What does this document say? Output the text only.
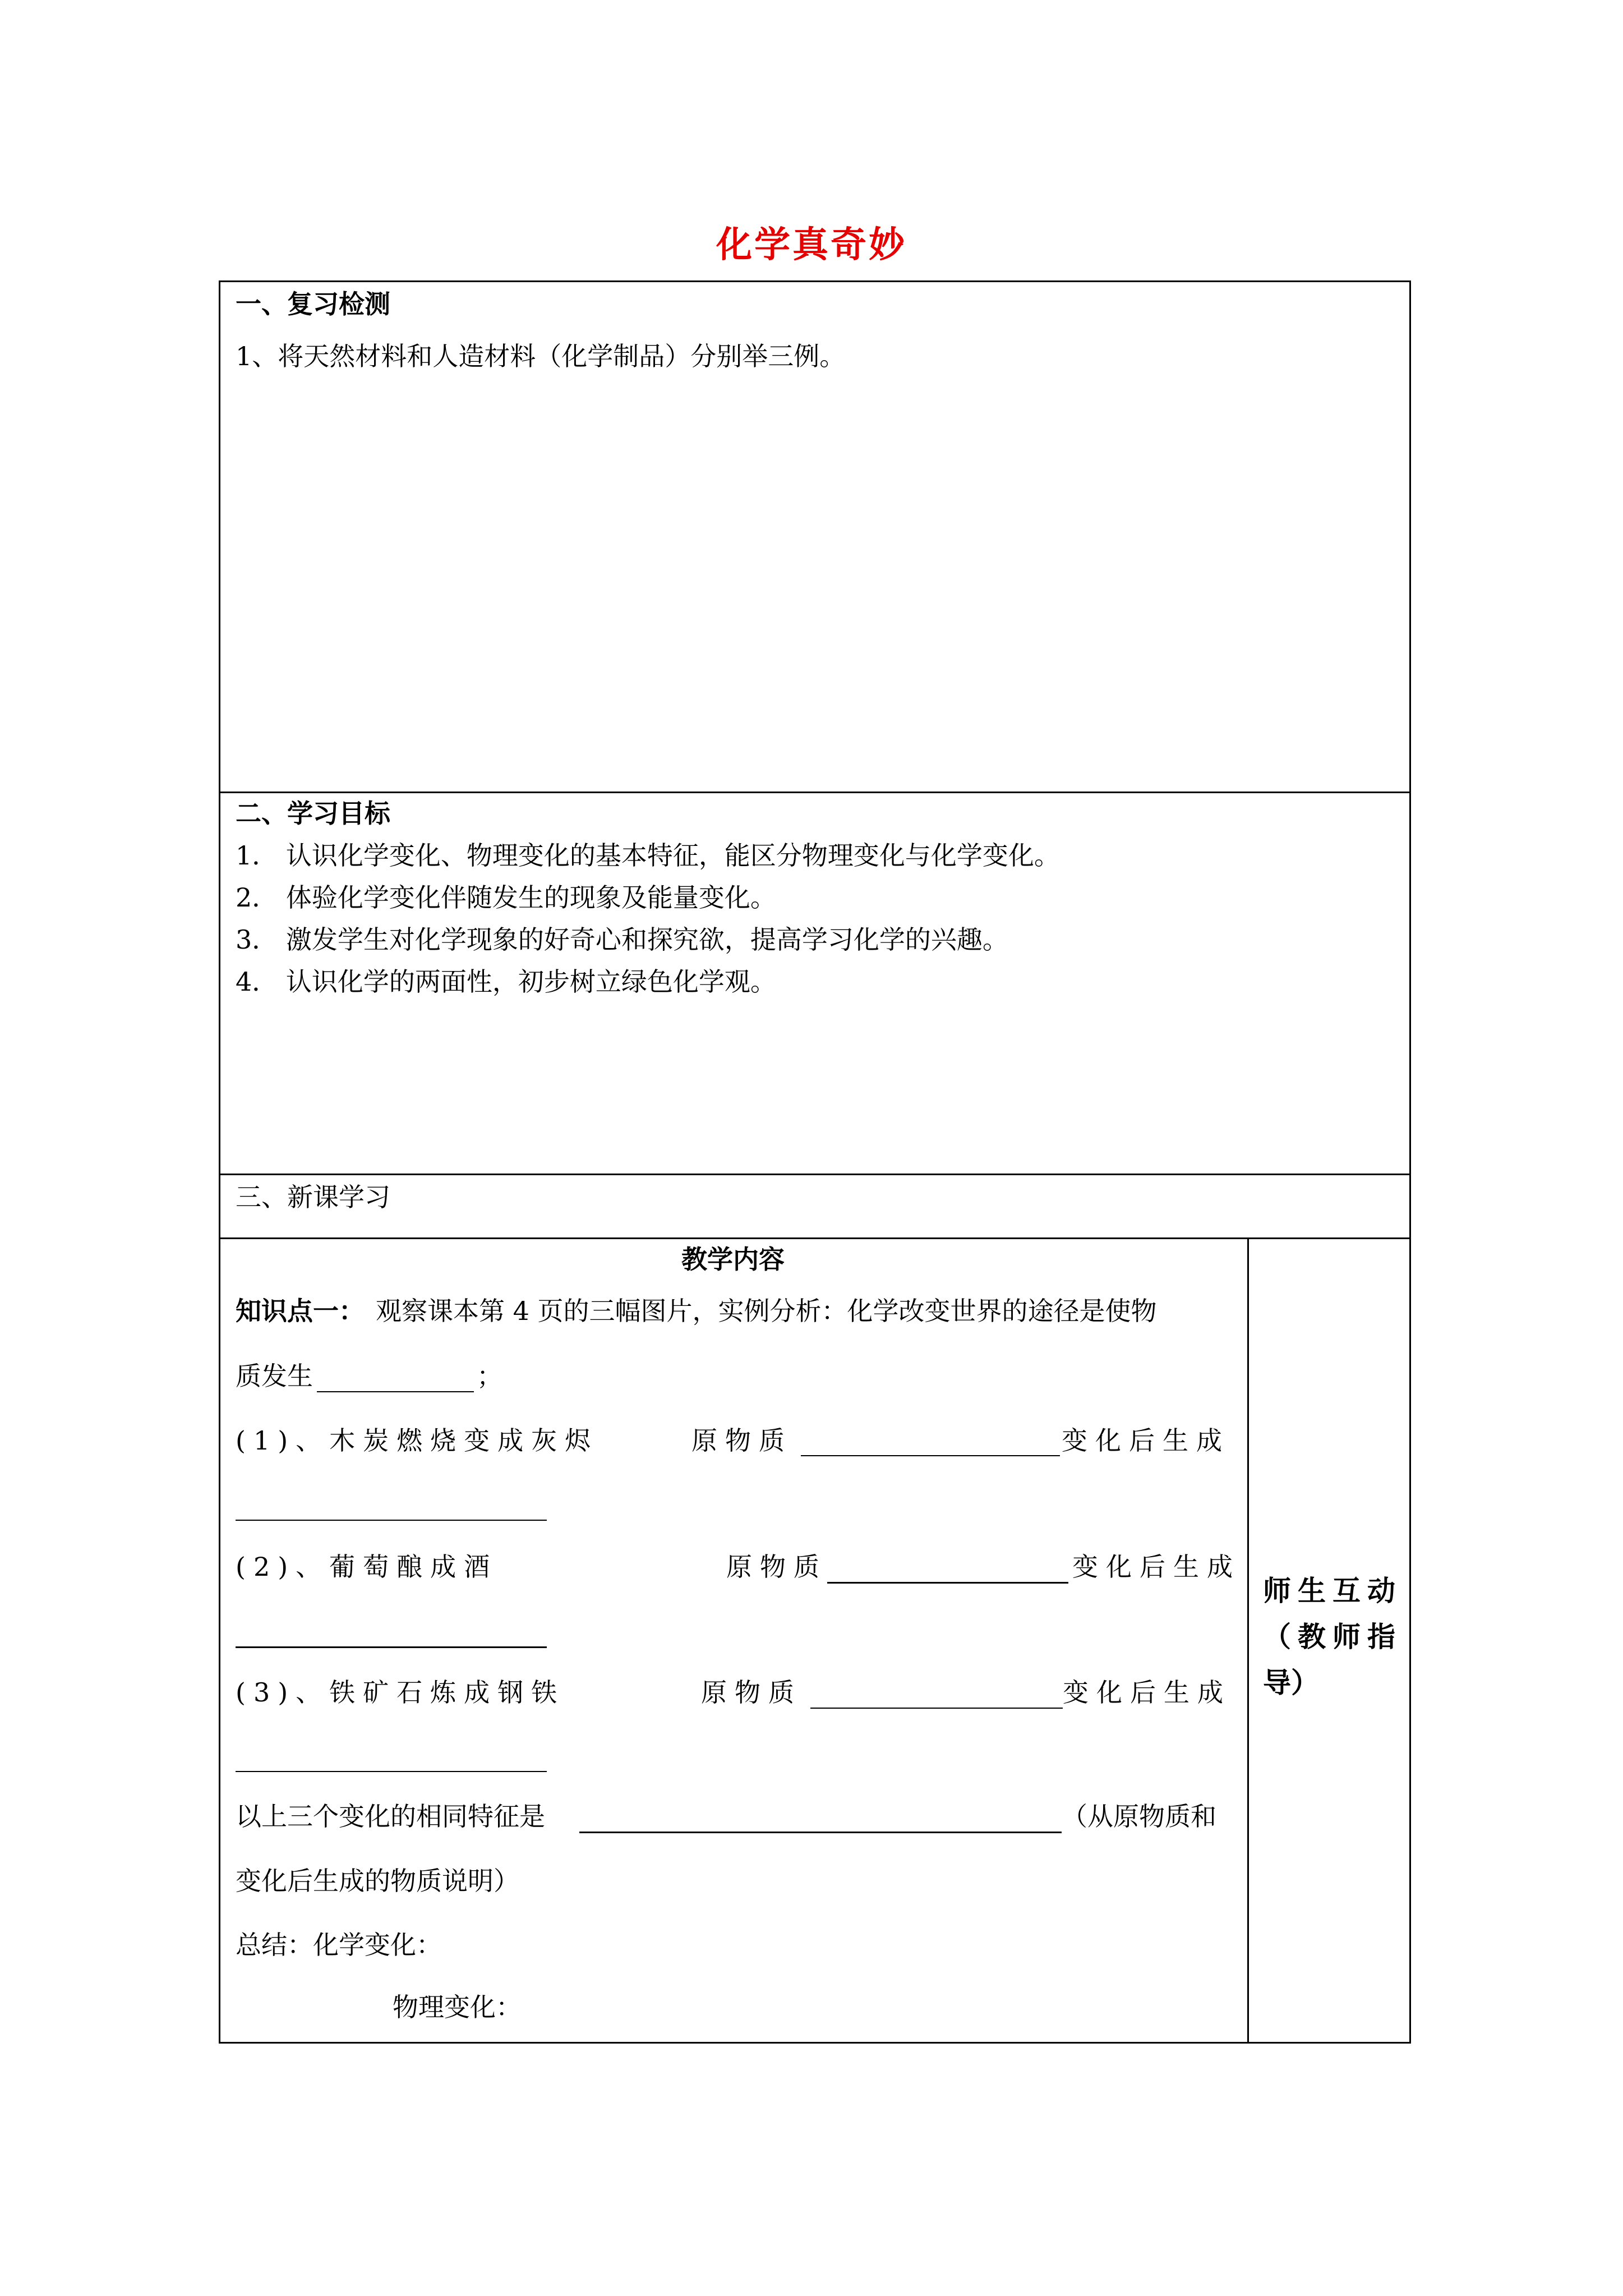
化学真奇妙
一、复习检测
1、将天然材料和人造材料（化学制品）分别举三例。
二、学习目标
1． 认识化学变化、物理变化的基本特征，能区分物理变化与化学变化。
2． 体验化学变化伴随发生的现象及能量变化。
3． 激发学生对化学现象的好奇心和探究欲，提高学习化学的兴趣。
4． 认识化学的两面性，初步树立绿色化学观。
三、新课学习
教学内容
知识点一： 观察课本第 4 页的三幅图片，实例分析：化学改变世界的途径是使物
质发生	；
(1)、木炭燃烧变成灰烬	原物质	变化后生成
(2)、葡萄酿成酒	原物质	变化后生成
(3)、铁矿石炼成钢铁	原物质	变化后生成
以上三个变化的相同特征是	（从原物质和
变化后生成的物质说明）
总结：化学变化：
物理变化：
师生互动
（教师指
导）
